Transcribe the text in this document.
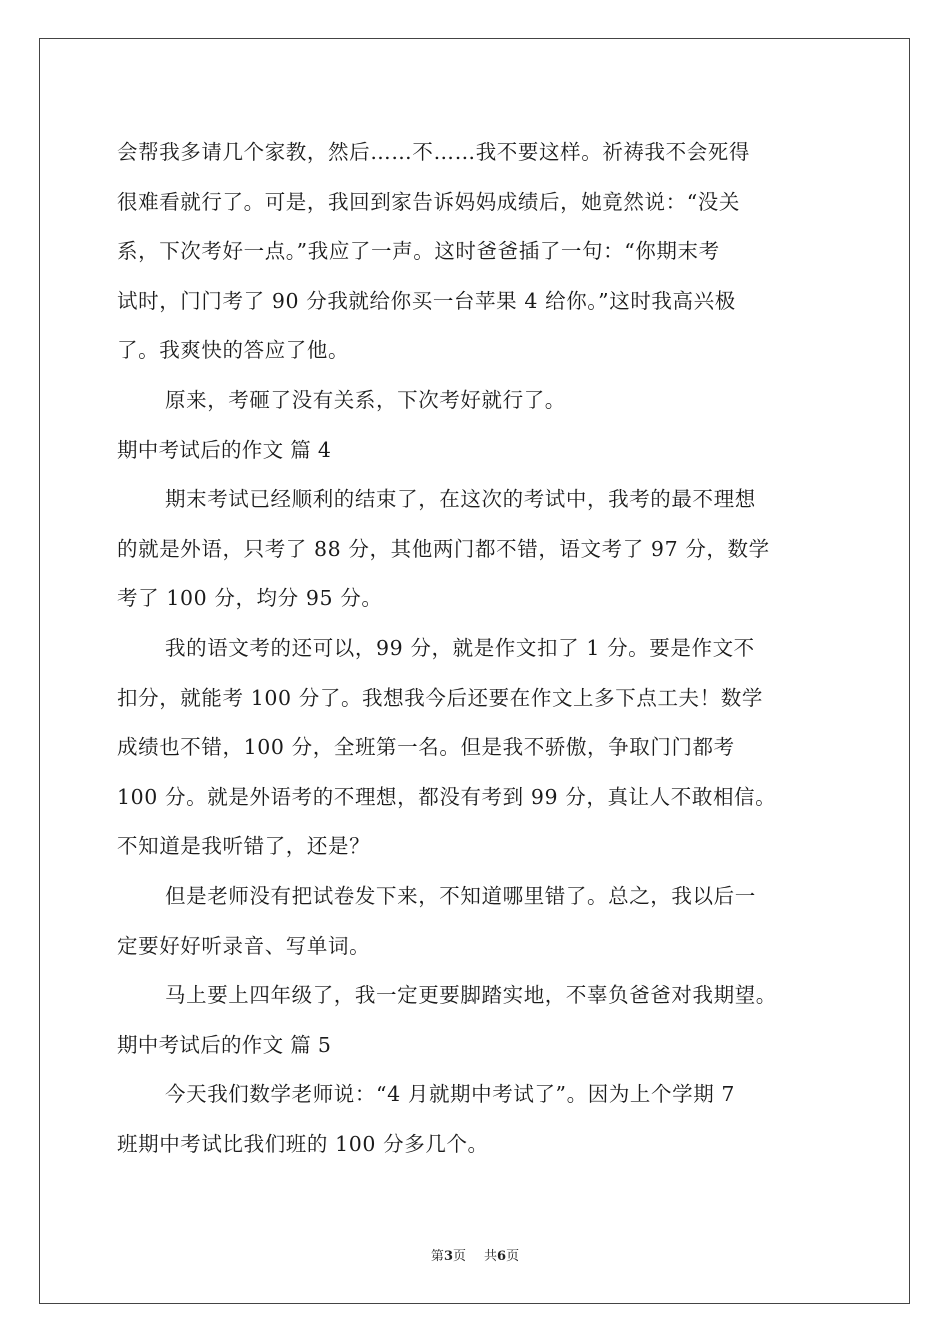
会帮我多请几个家教，然后……不……我不要这样。祈祷我不会死得
很难看就行了。可是，我回到家告诉妈妈成绩后，她竟然说：“没关
系，下次考好一点。”我应了一声。这时爸爸插了一句：“你期末考
试时，门门考了 90 分我就给你买一台苹果 4 给你。”这时我高兴极
了。我爽快的答应了他。
原来，考砸了没有关系，下次考好就行了。
期中考试后的作文 篇 4
期末考试已经顺利的结束了，在这次的考试中，我考的最不理想
的就是外语，只考了 88 分，其他两门都不错，语文考了 97 分，数学
考了 100 分，均分 95 分。
我的语文考的还可以，99 分，就是作文扣了 1 分。要是作文不
扣分，就能考 100 分了。我想我今后还要在作文上多下点工夫！数学
成绩也不错，100 分，全班第一名。但是我不骄傲，争取门门都考
100 分。就是外语考的不理想，都没有考到 99 分，真让人不敢相信。
不知道是我听错了，还是？
但是老师没有把试卷发下来，不知道哪里错了。总之，我以后一
定要好好听录音、写单词。
马上要上四年级了，我一定更要脚踏实地，不辜负爸爸对我期望。
期中考试后的作文 篇 5
今天我们数学老师说：“4 月就期中考试了”。因为上个学期 7
班期中考试比我们班的 100 分多几个。
第3页 共6页
